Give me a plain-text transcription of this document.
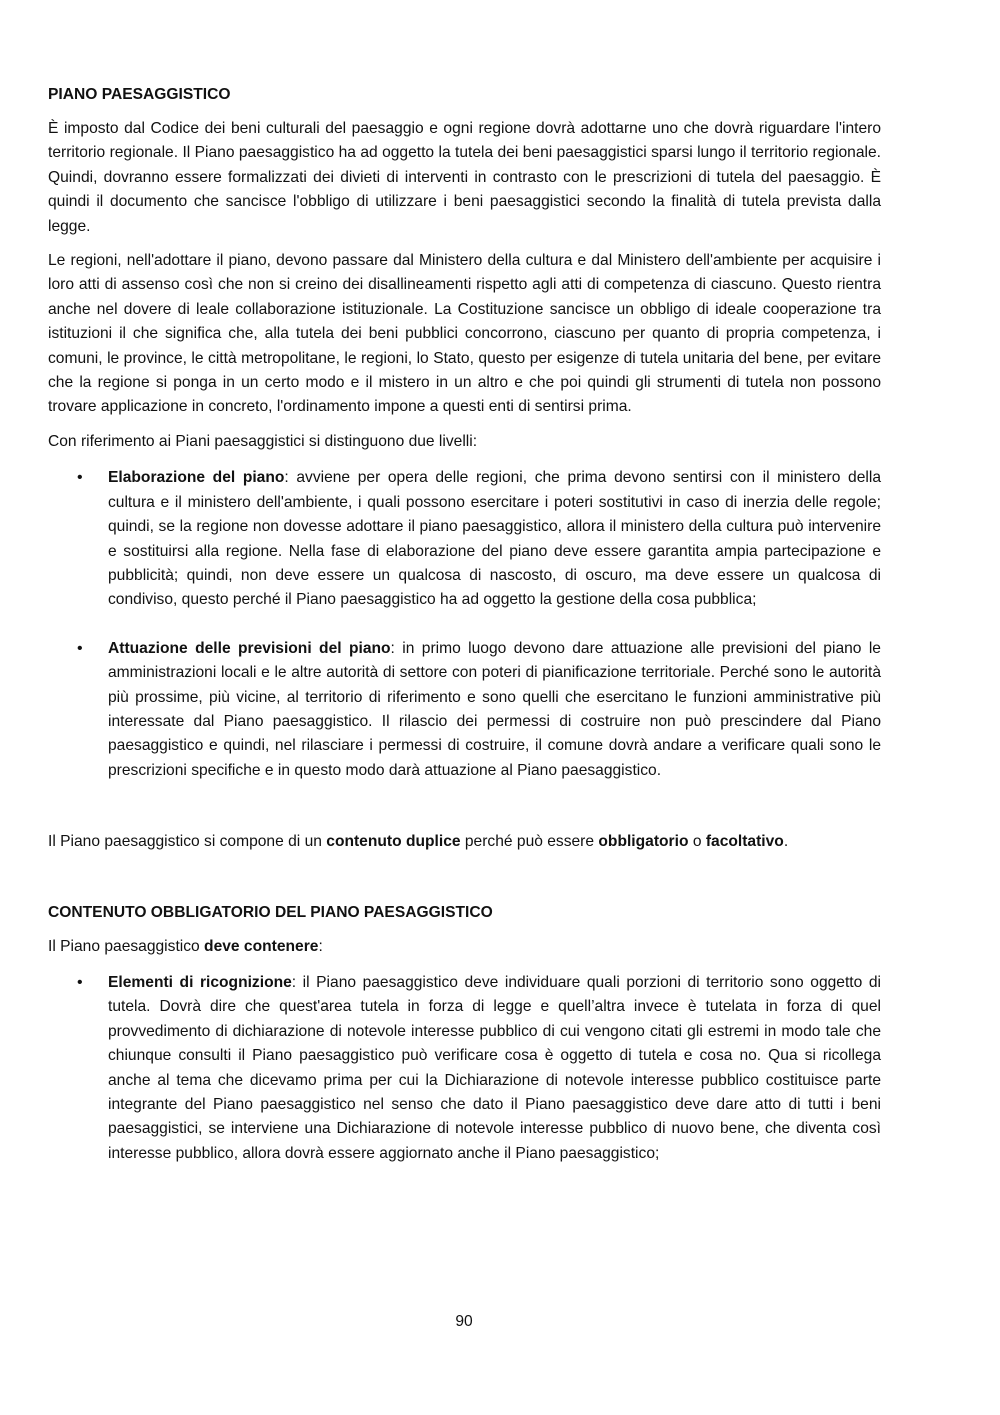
PIANO PAESAGGISTICO

È imposto dal Codice dei beni culturali del paesaggio e ogni regione dovrà adottarne uno che dovrà riguardare l'intero territorio regionale. Il Piano paesaggistico ha ad oggetto la tutela dei beni paesaggistici sparsi lungo il territorio regionale. Quindi, dovranno essere formalizzati dei divieti di interventi in contrasto con le prescrizioni di tutela del paesaggio. È quindi il documento che sancisce l'obbligo di utilizzare i beni paesaggistici secondo la finalità di tutela prevista dalla legge.

Le regioni, nell'adottare il piano, devono passare dal Ministero della cultura e dal Ministero dell'ambiente per acquisire i loro atti di assenso così che non si creino dei disallineamenti rispetto agli atti di competenza di ciascuno. Questo rientra anche nel dovere di leale collaborazione istituzionale. La Costituzione sancisce un obbligo di ideale cooperazione tra istituzioni il che significa che, alla tutela dei beni pubblici concorrono, ciascuno per quanto di propria competenza, i comuni, le province, le città metropolitane, le regioni, lo Stato, questo per esigenze di tutela unitaria del bene, per evitare che la regione si ponga in un certo modo e il mistero in un altro e che poi quindi gli strumenti di tutela non possono trovare applicazione in concreto, l'ordinamento impone a questi enti di sentirsi prima.

Con riferimento ai Piani paesaggistici si distinguono due livelli:

• Elaborazione del piano: avviene per opera delle regioni, che prima devono sentirsi con il ministero della cultura e il ministero dell'ambiente, i quali possono esercitare i poteri sostitutivi in caso di inerzia delle regole; quindi, se la regione non dovesse adottare il piano paesaggistico, allora il ministero della cultura può intervenire e sostituirsi alla regione. Nella fase di elaborazione del piano deve essere garantita ampia partecipazione e pubblicità; quindi, non deve essere un qualcosa di nascosto, di oscuro, ma deve essere un qualcosa di condiviso, questo perché il Piano paesaggistico ha ad oggetto la gestione della cosa pubblica;
• Attuazione delle previsioni del piano: in primo luogo devono dare attuazione alle previsioni del piano le amministrazioni locali e le altre autorità di settore con poteri di pianificazione territoriale. Perché sono le autorità più prossime, più vicine, al territorio di riferimento e sono quelli che esercitano le funzioni amministrative più interessate dal Piano paesaggistico. Il rilascio dei permessi di costruire non può prescindere dal Piano paesaggistico e quindi, nel rilasciare i permessi di costruire, il comune dovrà andare a verificare quali sono le prescrizioni specifiche e in questo modo darà attuazione al Piano paesaggistico.

Il Piano paesaggistico si compone di un contenuto duplice perché può essere obbligatorio o facoltativo.

CONTENUTO OBBLIGATORIO DEL PIANO PAESAGGISTICO

Il Piano paesaggistico deve contenere:

• Elementi di ricognizione: il Piano paesaggistico deve individuare quali porzioni di territorio sono oggetto di tutela. Dovrà dire che quest'area tutela in forza di legge e quell’altra invece è tutelata in forza di quel provvedimento di dichiarazione di notevole interesse pubblico di cui vengono citati gli estremi in modo tale che chiunque consulti il Piano paesaggistico può verificare cosa è oggetto di tutela e cosa no. Qua si ricollega anche al tema che dicevamo prima per cui la Dichiarazione di notevole interesse pubblico costituisce parte integrante del Piano paesaggistico nel senso che dato il Piano paesaggistico deve dare atto di tutti i beni paesaggistici, se interviene una Dichiarazione di notevole interesse pubblico di nuovo bene, che diventa così interesse pubblico, allora dovrà essere aggiornato anche il Piano paesaggistico;
90
